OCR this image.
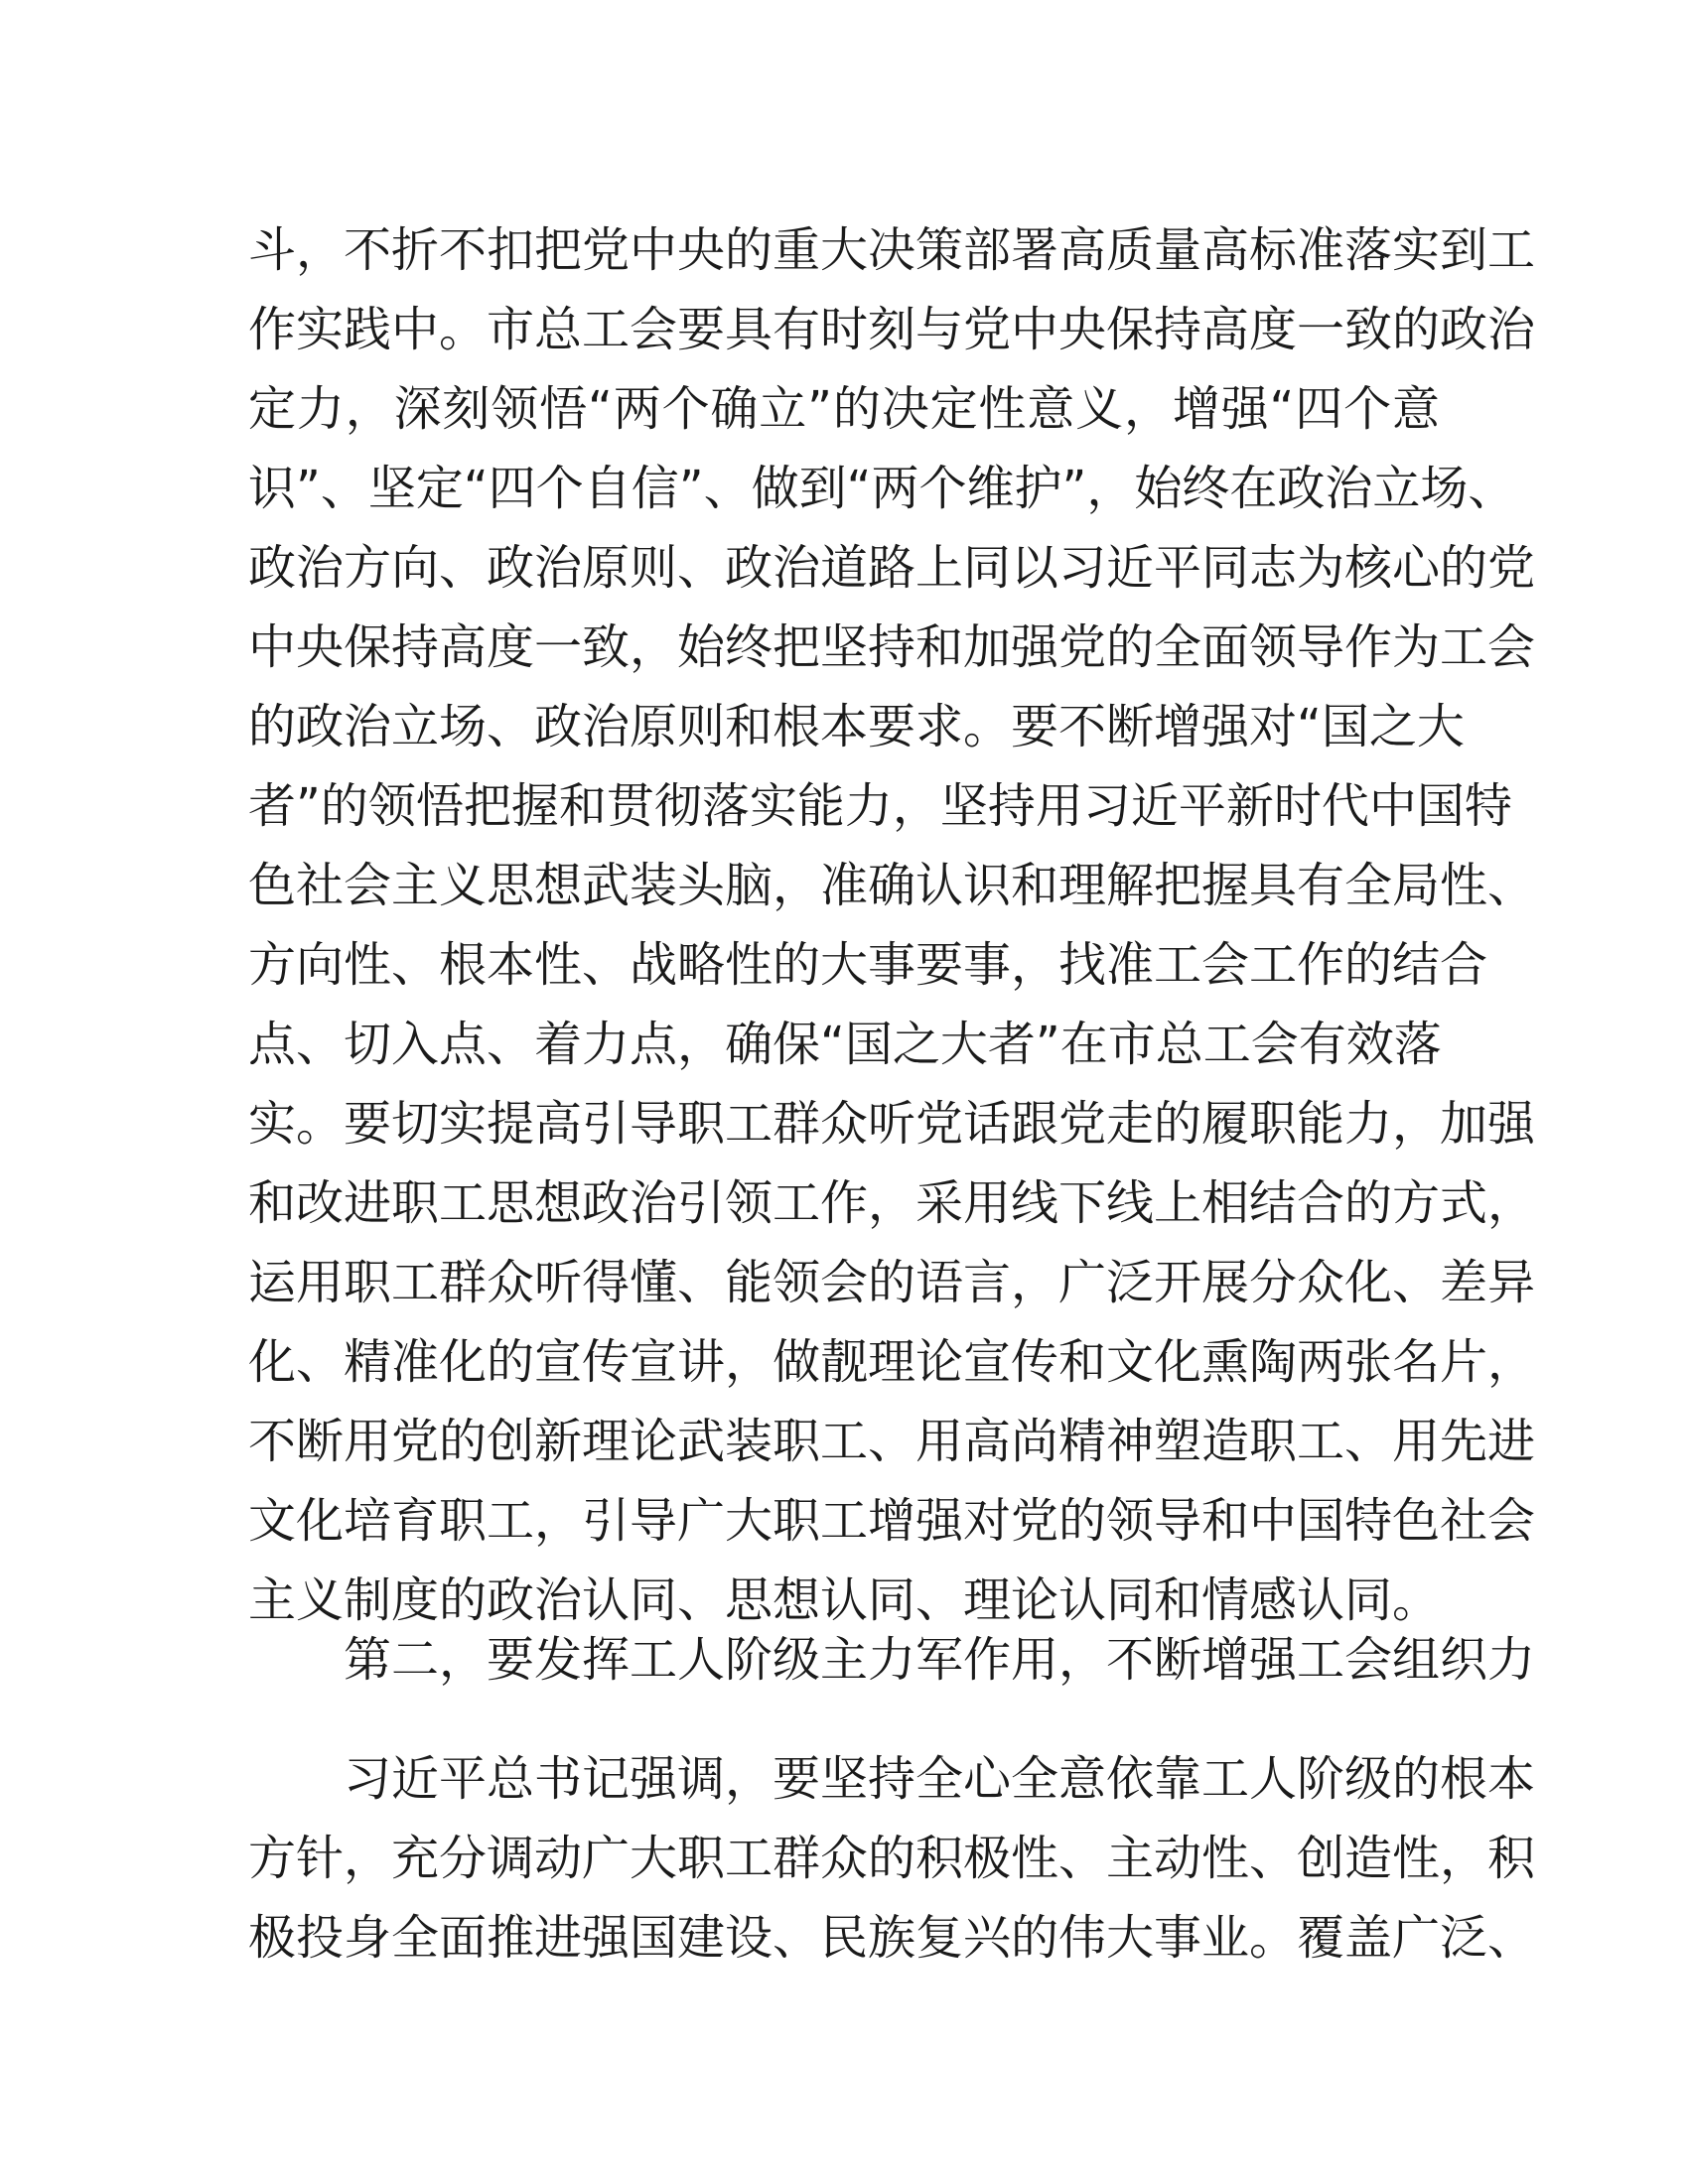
斗，不折不扣把党中央的重大决策部署高质量高标准落实到工
作实践中。市总工会要具有时刻与党中央保持高度一致的政治
定力，深刻领悟“两个确立”的决定性意义，增强“四个意
识”、坚定“四个自信”、做到“两个维护”，始终在政治立场、
政治方向、政治原则、政治道路上同以习近平同志为核心的党
中央保持高度一致，始终把坚持和加强党的全面领导作为工会
的政治立场、政治原则和根本要求。要不断增强对“国之大
者”的领悟把握和贯彻落实能力，坚持用习近平新时代中国特
色社会主义思想武装头脑，准确认识和理解把握具有全局性、
方向性、根本性、战略性的大事要事，找准工会工作的结合
点、切入点、着力点，确保“国之大者”在市总工会有效落
实。要切实提高引导职工群众听党话跟党走的履职能力，加强
和改进职工思想政治引领工作，采用线下线上相结合的方式，
运用职工群众听得懂、能领会的语言，广泛开展分众化、差异
化、精准化的宣传宣讲，做靓理论宣传和文化熏陶两张名片，
不断用党的创新理论武装职工、用高尚精神塑造职工、用先进
文化培育职工，引导广大职工增强对党的领导和中国特色社会
主义制度的政治认同、思想认同、理论认同和情感认同。
第二，要发挥工人阶级主力军作用，不断增强工会组织力
习近平总书记强调，要坚持全心全意依靠工人阶级的根本
方针，充分调动广大职工群众的积极性、主动性、创造性，积
极投身全面推进强国建设、民族复兴的伟大事业。覆盖广泛、
